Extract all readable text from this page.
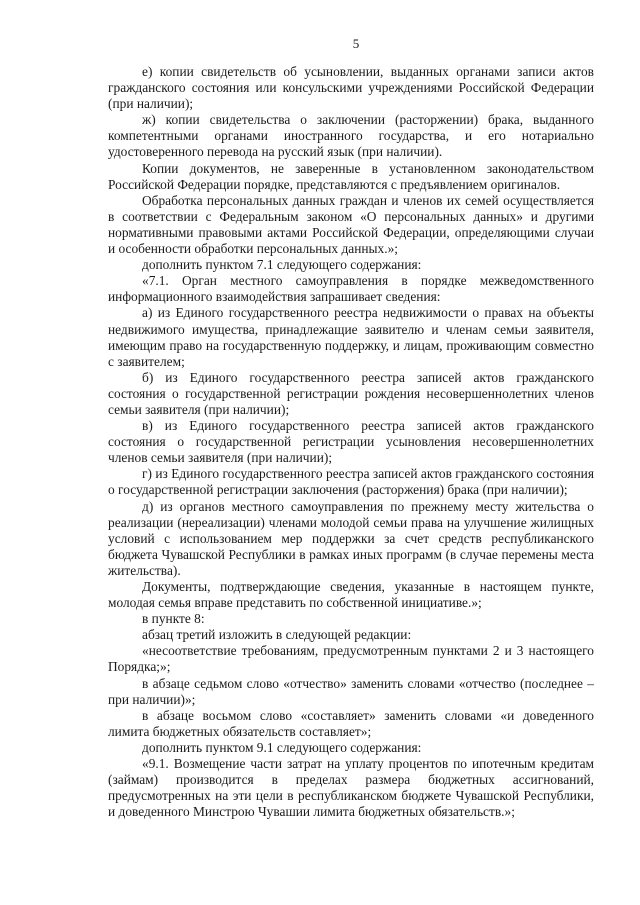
5

е) копии свидетельств об усыновлении, выданных органами записи актов гражданского состояния или консульскими учреждениями Российской Федерации (при наличии);

ж) копии свидетельства о заключении (расторжении) брака, выданного компетентными органами иностранного государства, и его нотариально удостоверенного перевода на русский язык (при наличии).

Копии документов, не заверенные в установленном законодательством Российской Федерации порядке, представляются с предъявлением оригиналов.

Обработка персональных данных граждан и членов их семей осуществляется в соответствии с Федеральным законом «О персональных данных» и другими нормативными правовыми актами Российской Федерации, определяющими случаи и особенности обработки персональных данных.»;

дополнить пунктом 7.1 следующего содержания:

«7.1. Орган местного самоуправления в порядке межведомственного информационного взаимодействия запрашивает сведения:

а) из Единого государственного реестра недвижимости о правах на объекты недвижимого имущества, принадлежащие заявителю и членам семьи заявителя, имеющим право на государственную поддержку, и лицам, проживающим совместно с заявителем;

б) из Единого государственного реестра записей актов гражданского состояния о государственной регистрации рождения несовершеннолетних членов семьи заявителя (при наличии);

в) из Единого государственного реестра записей актов гражданского состояния о государственной регистрации усыновления несовершеннолетних членов семьи заявителя (при наличии);

г) из Единого государственного реестра записей актов гражданского состояния о государственной регистрации заключения (расторжения) брака (при наличии);

д) из органов местного самоуправления по прежнему месту жительства о реализации (нереализации) членами молодой семьи права на улучшение жилищных условий с использованием мер поддержки за счет средств республиканского бюджета Чувашской Республики в рамках иных программ (в случае перемены места жительства).

Документы, подтверждающие сведения, указанные в настоящем пункте, молодая семья вправе представить по собственной инициативе.»;

в пункте 8:

абзац третий изложить в следующей редакции:

«несоответствие требованиям, предусмотренным пунктами 2 и 3 настоящего Порядка;»;

в абзаце седьмом слово «отчество» заменить словами «отчество (последнее – при наличии)»;

в абзаце восьмом слово «составляет» заменить словами «и доведенного лимита бюджетных обязательств составляет»;

дополнить пунктом 9.1 следующего содержания:

«9.1. Возмещение части затрат на уплату процентов по ипотечным кредитам (займам) производится в пределах размера бюджетных ассигнований, предусмотренных на эти цели в республиканском бюджете Чувашской Республики, и доведенного Минстрою Чувашии лимита бюджетных обязательств.»;
